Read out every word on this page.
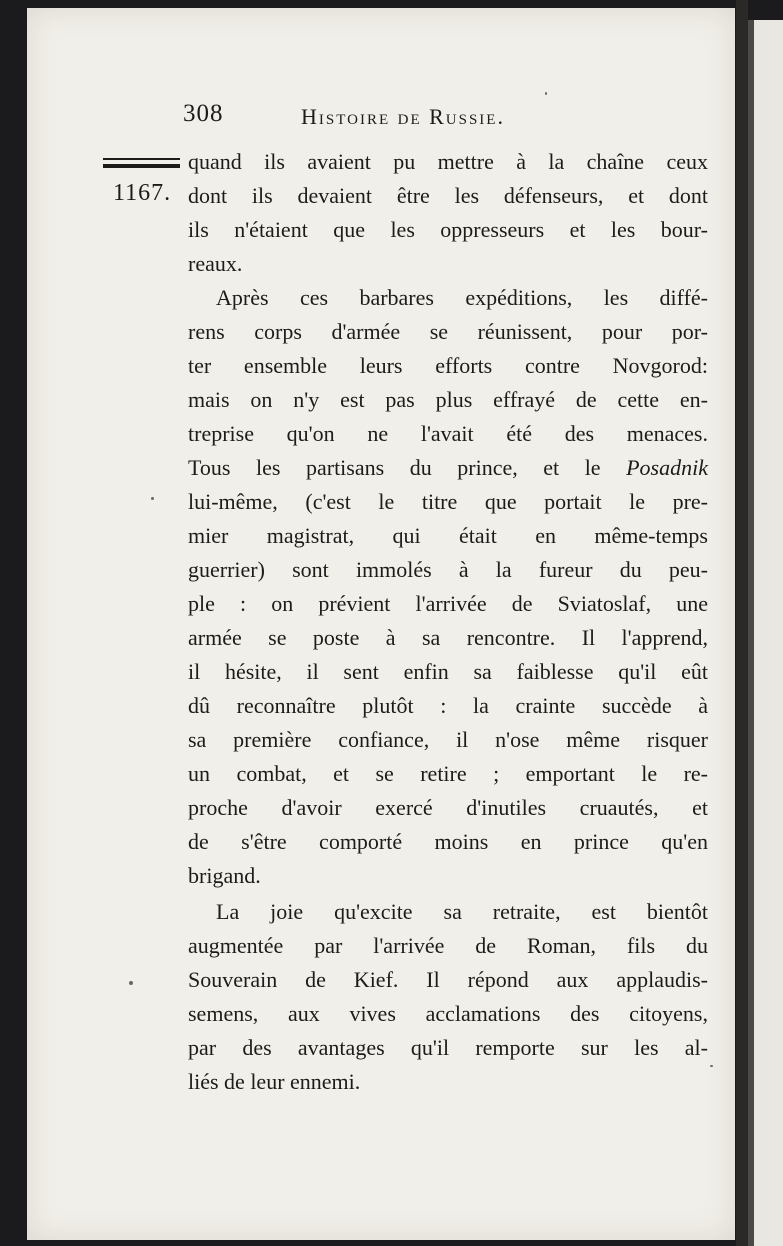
308	Histoire de Russie.
1167.
quand ils avaient pu mettre à la chaîne ceux
dont ils devaient être les défenseurs, et dont
ils n'étaient que les oppresseurs et les bour-
reaux.
Après ces barbares expéditions, les diffé-
rens corps d'armée se réunissent, pour por-
ter ensemble leurs efforts contre Novgorod:
mais on n'y est pas plus effrayé de cette en-
treprise qu'on ne l'avait été des menaces.
Tous les partisans du prince, et le Posadnik
lui-même, (c'est le titre que portait le pre-
mier magistrat, qui était en même-temps
guerrier) sont immolés à la fureur du peu-
ple : on prévient l'arrivée de Sviatoslaf, une
armée se poste à sa rencontre. Il l'apprend,
il hésite, il sent enfin sa faiblesse qu'il eût
dû reconnaître plutôt : la crainte succède à
sa première confiance, il n'ose même risquer
un combat, et se retire ; emportant le re-
proche d'avoir exercé d'inutiles cruautés, et
de s'être comporté moins en prince qu'en
brigand.
La joie qu'excite sa retraite, est bientôt
augmentée par l'arrivée de Roman, fils du
Souverain de Kief. Il répond aux applaudis-
semens, aux vives acclamations des citoyens,
par des avantages qu'il remporte sur les al-
liés de leur ennemi.
